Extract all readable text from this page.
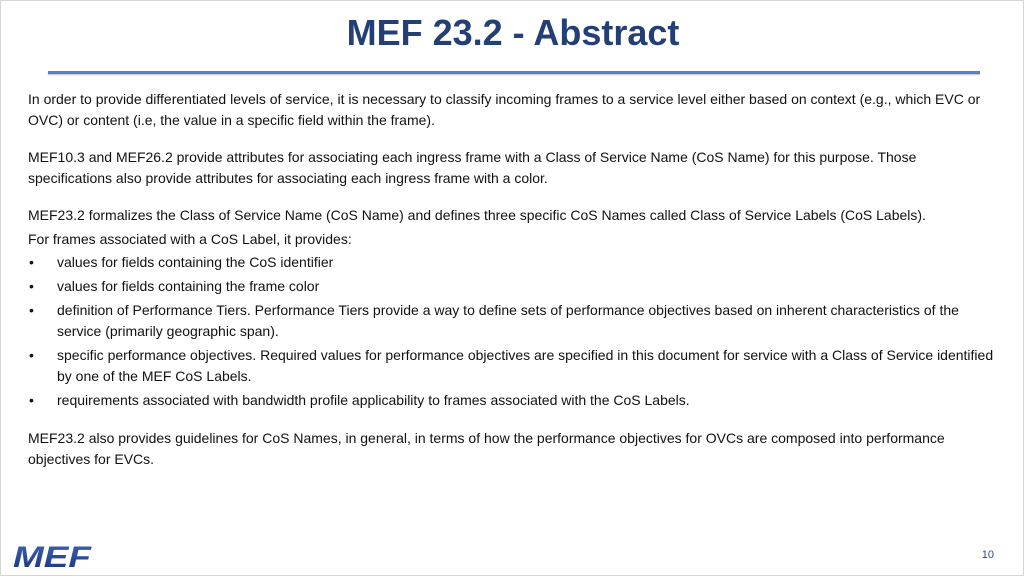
MEF 23.2 - Abstract

In order to provide differentiated levels of service, it is necessary to classify incoming frames to a service level either based on context (e.g., which EVC or OVC) or content (i.e, the value in a specific field within the frame).

MEF10.3 and MEF26.2 provide attributes for associating each ingress frame with a Class of Service Name (CoS Name) for this purpose. Those specifications also provide attributes for associating each ingress frame with a color.

MEF23.2 formalizes the Class of Service Name (CoS Name) and defines three specific CoS Names called Class of Service Labels (CoS Labels).

For frames associated with a CoS Label, it provides:

• values for fields containing the CoS identifier
• values for fields containing the frame color
• definition of Performance Tiers. Performance Tiers provide a way to define sets of performance objectives based on inherent characteristics of the service (primarily geographic span).
• specific performance objectives. Required values for performance objectives are specified in this document for service with a Class of Service identified by one of the MEF CoS Labels.
• requirements associated with bandwidth profile applicability to frames associated with the CoS Labels.

MEF23.2 also provides guidelines for CoS Names, in general, in terms of how the performance objectives for OVCs are composed into performance objectives for EVCs.

MEF	10
